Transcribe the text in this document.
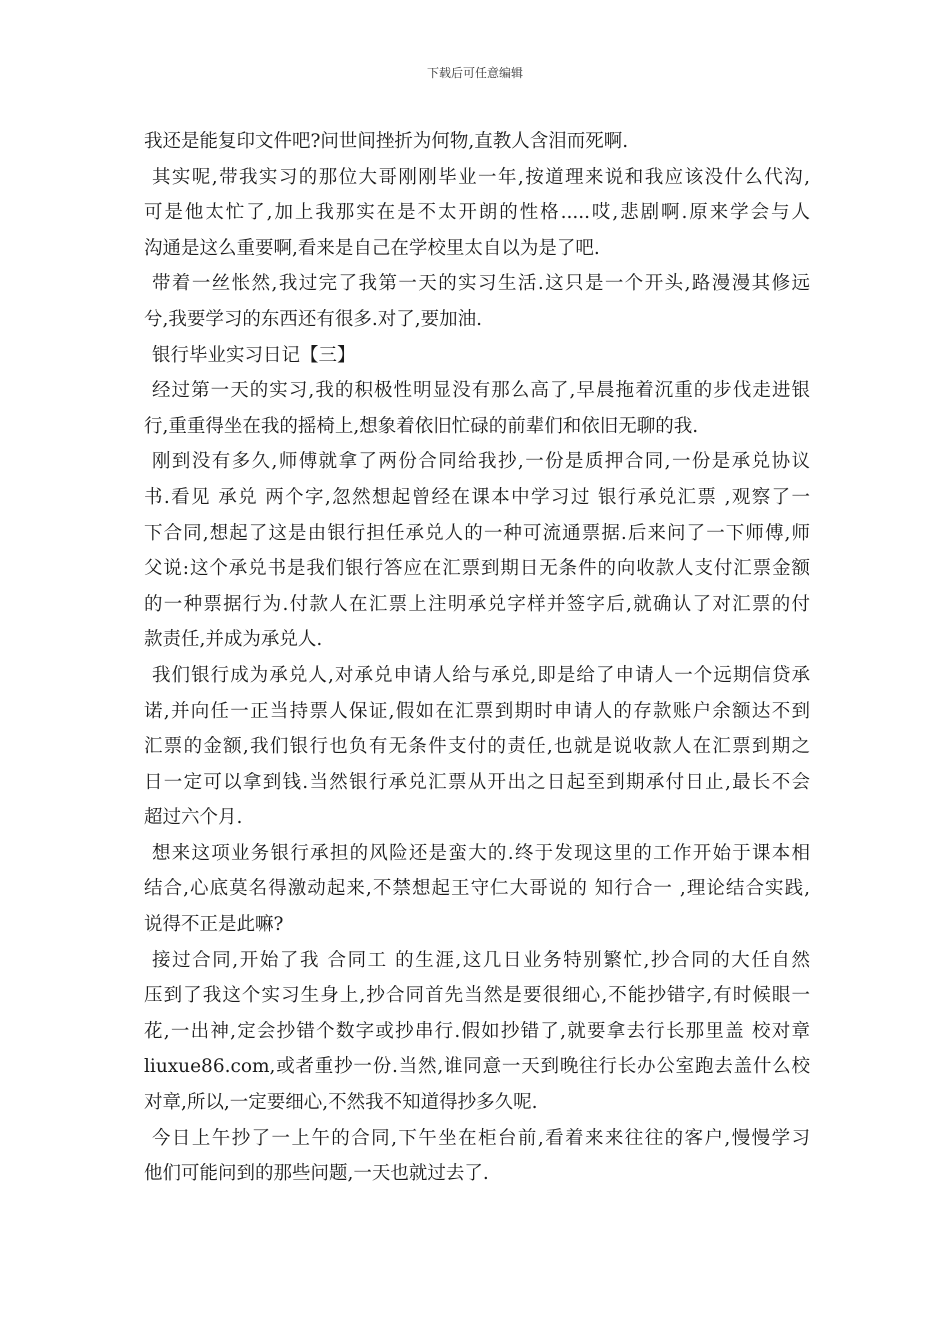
下载后可任意编辑
我还是能复印文件吧?问世间挫折为何物,直教人含泪而死啊.
其实呢,带我实习的那位大哥刚刚毕业一年,按道理来说和我应该没什么代沟,
可是他太忙了,加上我那实在是不太开朗的性格.....哎,悲剧啊.原来学会与人
沟通是这么重要啊,看来是自己在学校里太自以为是了吧.
带着一丝怅然,我过完了我第一天的实习生活.这只是一个开头,路漫漫其修远
兮,我要学习的东西还有很多.对了,要加油.
银行毕业实习日记【三】
经过第一天的实习,我的积极性明显没有那么高了,早晨拖着沉重的步伐走进银
行,重重得坐在我的摇椅上,想象着依旧忙碌的前辈们和依旧无聊的我.
刚到没有多久,师傅就拿了两份合同给我抄,一份是质押合同,一份是承兑协议
书.看见 承兑 两个字,忽然想起曾经在课本中学习过 银行承兑汇票 ,观察了一
下合同,想起了这是由银行担任承兑人的一种可流通票据.后来问了一下师傅,师
父说:这个承兑书是我们银行答应在汇票到期日无条件的向收款人支付汇票金额
的一种票据行为.付款人在汇票上注明承兑字样并签字后,就确认了对汇票的付
款责任,并成为承兑人.
我们银行成为承兑人,对承兑申请人给与承兑,即是给了申请人一个远期信贷承
诺,并向任一正当持票人保证,假如在汇票到期时申请人的存款账户余额达不到
汇票的金额,我们银行也负有无条件支付的责任,也就是说收款人在汇票到期之
日一定可以拿到钱.当然银行承兑汇票从开出之日起至到期承付日止,最长不会
超过六个月.
想来这项业务银行承担的风险还是蛮大的.终于发现这里的工作开始于课本相
结合,心底莫名得激动起来,不禁想起王守仁大哥说的 知行合一 ,理论结合实践,
说得不正是此嘛?
接过合同,开始了我 合同工 的生涯,这几日业务特别繁忙,抄合同的大任自然
压到了我这个实习生身上,抄合同首先当然是要很细心,不能抄错字,有时候眼一
花,一出神,定会抄错个数字或抄串行.假如抄错了,就要拿去行长那里盖 校对章
liuxue86.com,或者重抄一份.当然,谁同意一天到晚往行长办公室跑去盖什么校
对章,所以,一定要细心,不然我不知道得抄多久呢.
今日上午抄了一上午的合同,下午坐在柜台前,看着来来往往的客户,慢慢学习
他们可能问到的那些问题,一天也就过去了.
